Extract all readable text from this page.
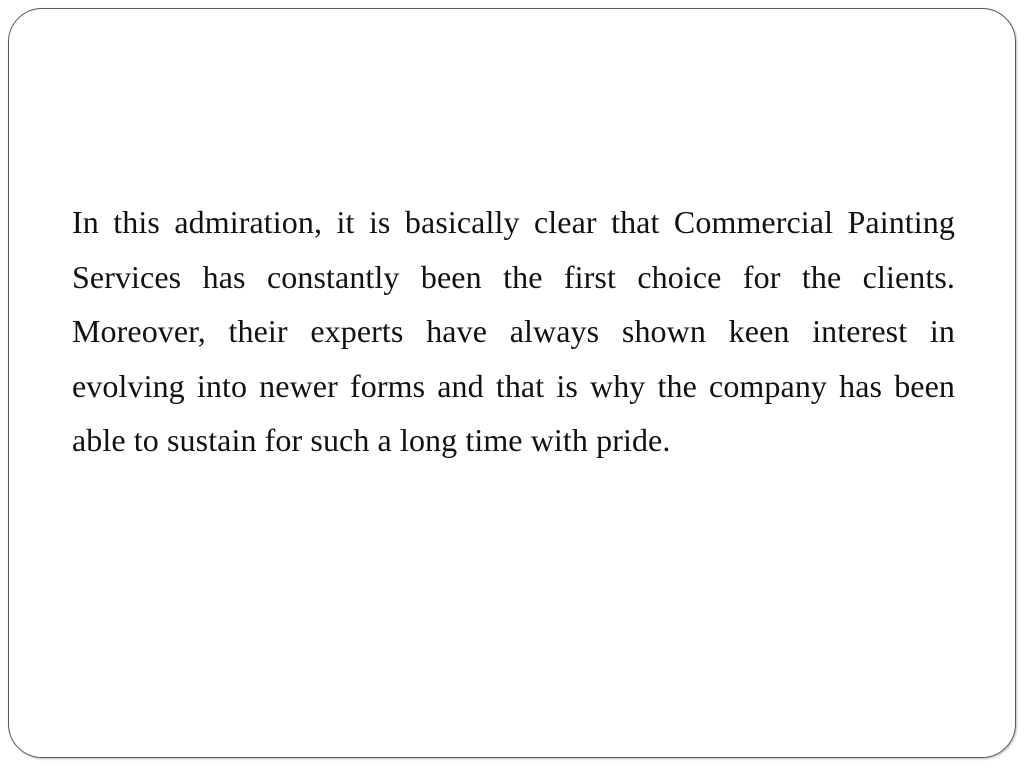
In this admiration, it is basically clear that Commercial Painting Services has constantly been the first choice for the clients. Moreover, their experts have always shown keen interest in evolving into newer forms and that is why the company has been able to sustain for such a long time with pride.
